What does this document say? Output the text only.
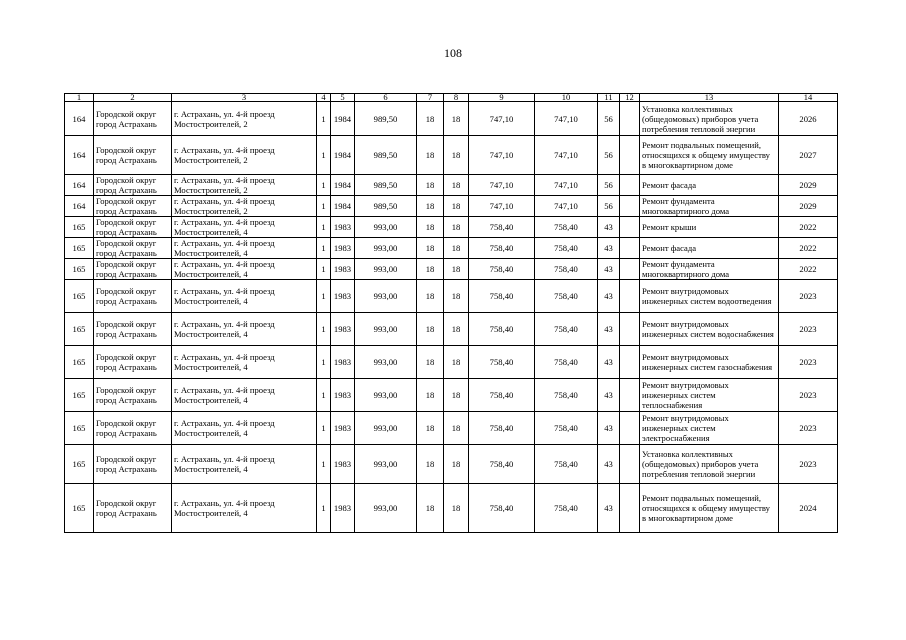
108
1	2	3	4	5	6	7	8	9	10	11	12	13	14
164	Городской округ город Астрахань	г. Астрахань, ул. 4-й проезд Мостостроителей, 2	1	1984	989,50	18	18	747,10	747,10	56		Установка коллективных (общедомовых) приборов учета потребления тепловой энергии	2026
164	Городской округ город Астрахань	г. Астрахань, ул. 4-й проезд Мостостроителей, 2	1	1984	989,50	18	18	747,10	747,10	56		Ремонт подвальных помещений, относящихся к общему имуществу в многоквартирном доме	2027
164	Городской округ город Астрахань	г. Астрахань, ул. 4-й проезд Мостостроителей, 2	1	1984	989,50	18	18	747,10	747,10	56		Ремонт фасада	2029
164	Городской округ город Астрахань	г. Астрахань, ул. 4-й проезд Мостостроителей, 2	1	1984	989,50	18	18	747,10	747,10	56		Ремонт фундамента многоквартирного дома	2029
165	Городской округ город Астрахань	г. Астрахань, ул. 4-й проезд Мостостроителей, 4	1	1983	993,00	18	18	758,40	758,40	43		Ремонт крыши	2022
165	Городской округ город Астрахань	г. Астрахань, ул. 4-й проезд Мостостроителей, 4	1	1983	993,00	18	18	758,40	758,40	43		Ремонт фасада	2022
165	Городской округ город Астрахань	г. Астрахань, ул. 4-й проезд Мостостроителей, 4	1	1983	993,00	18	18	758,40	758,40	43		Ремонт фундамента многоквартирного дома	2022
165	Городской округ город Астрахань	г. Астрахань, ул. 4-й проезд Мостостроителей, 4	1	1983	993,00	18	18	758,40	758,40	43		Ремонт внутридомовых инженерных систем водоотведения	2023
165	Городской округ город Астрахань	г. Астрахань, ул. 4-й проезд Мостостроителей, 4	1	1983	993,00	18	18	758,40	758,40	43		Ремонт внутридомовых инженерных систем водоснабжения	2023
165	Городской округ город Астрахань	г. Астрахань, ул. 4-й проезд Мостостроителей, 4	1	1983	993,00	18	18	758,40	758,40	43		Ремонт внутридомовых инженерных систем газоснабжения	2023
165	Городской округ город Астрахань	г. Астрахань, ул. 4-й проезд Мостостроителей, 4	1	1983	993,00	18	18	758,40	758,40	43		Ремонт внутридомовых инженерных систем теплоснабжения	2023
165	Городской округ город Астрахань	г. Астрахань, ул. 4-й проезд Мостостроителей, 4	1	1983	993,00	18	18	758,40	758,40	43		Ремонт внутридомовых инженерных систем электроснабжения	2023
165	Городской округ город Астрахань	г. Астрахань, ул. 4-й проезд Мостостроителей, 4	1	1983	993,00	18	18	758,40	758,40	43		Установка коллективных (общедомовых) приборов учета потребления тепловой энергии	2023
165	Городской округ город Астрахань	г. Астрахань, ул. 4-й проезд Мостостроителей, 4	1	1983	993,00	18	18	758,40	758,40	43		Ремонт подвальных помещений, относящихся к общему имуществу в многоквартирном доме	2024
